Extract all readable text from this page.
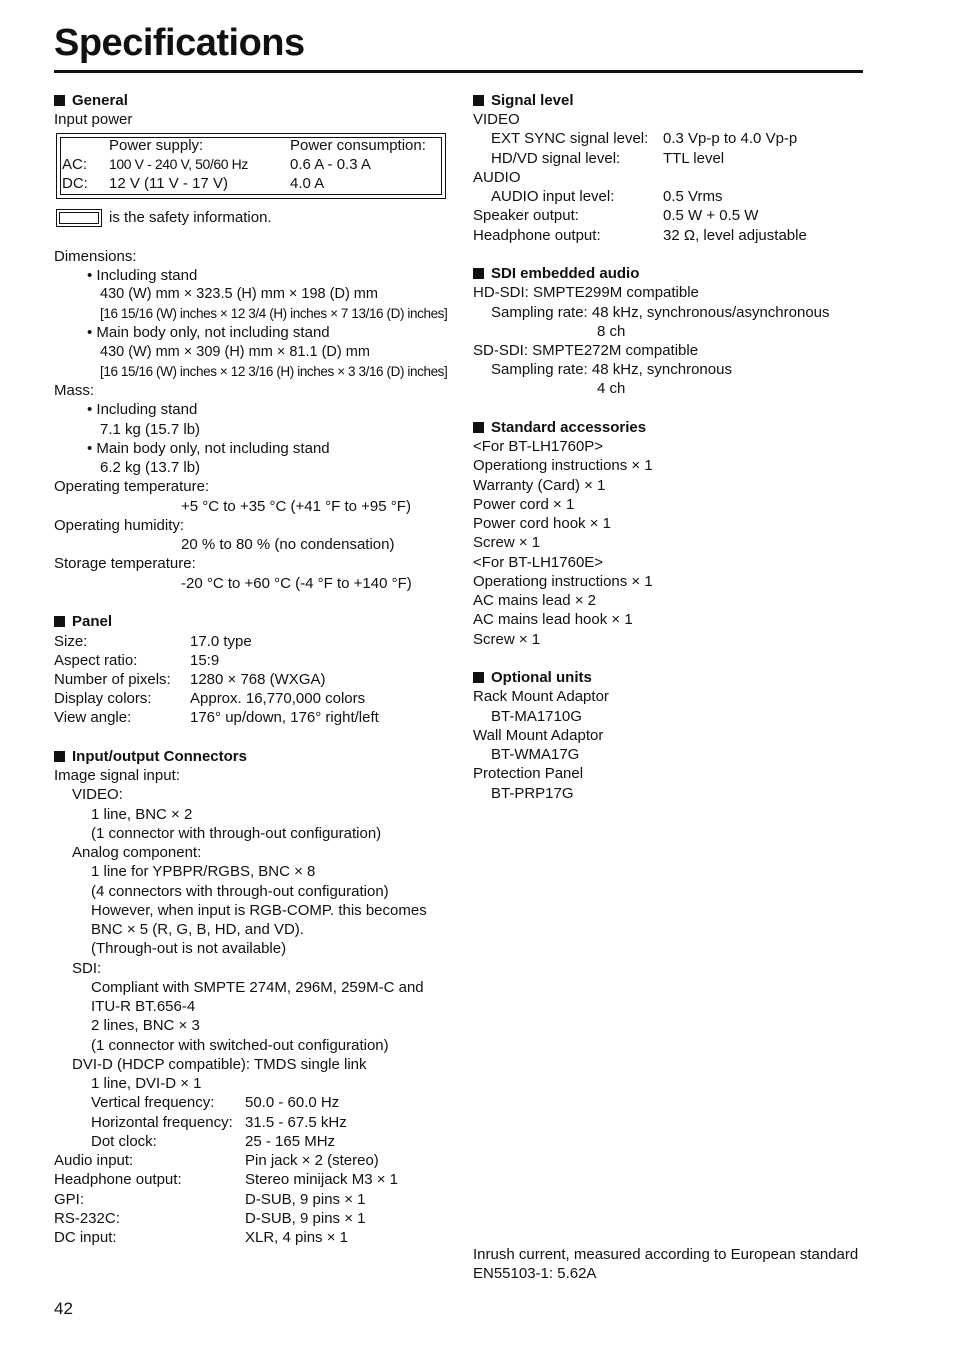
Specifications
General
Input power
Power supply:	Power consumption:
AC: 100 V - 240 V, 50/60 Hz	0.6 A - 0.3 A
DC: 12 V (11 V - 17 V)	4.0 A
is the safety information.
Dimensions:
• Including stand
430 (W) mm × 323.5 (H) mm × 198 (D) mm
[16 15/16 (W) inches × 12 3/4 (H) inches × 7 13/16 (D) inches]
• Main body only, not including stand
430 (W) mm × 309 (H) mm × 81.1 (D) mm
[16 15/16 (W) inches × 12 3/16 (H) inches × 3 3/16 (D) inches]
Mass:
• Including stand
7.1 kg (15.7 lb)
• Main body only, not including stand
6.2 kg (13.7 lb)
Operating temperature:
+5 °C to +35 °C (+41 °F to +95 °F)
Operating humidity:
20 % to 80 % (no condensation)
Storage temperature:
-20 °C to +60 °C (-4 °F to +140 °F)
Panel
Size:	17.0 type
Aspect ratio:	15:9
Number of pixels: 1280 × 768 (WXGA)
Display colors:	Approx. 16,770,000 colors
View angle:	176° up/down, 176° right/left
Input/output Connectors
Image signal input:
VIDEO:
1 line, BNC × 2
(1 connector with through-out configuration)
Analog component:
1 line for YPBPR/RGBS, BNC × 8
(4 connectors with through-out configuration)
However, when input is RGB-COMP. this becomes
BNC × 5 (R, G, B, HD, and VD).
(Through-out is not available)
SDI:
Compliant with SMPTE 274M, 296M, 259M-C and
ITU-R BT.656-4
2 lines, BNC × 3
(1 connector with switched-out configuration)
DVI-D (HDCP compatible): TMDS single link
1 line, DVI-D × 1
Vertical frequency: 50.0 - 60.0 Hz
Horizontal frequency: 31.5 - 67.5 kHz
Dot clock:	25 - 165 MHz
Audio input:	Pin jack × 2 (stereo)
Headphone output:	Stereo minijack M3 × 1
GPI:	D-SUB, 9 pins × 1
RS-232C:	D-SUB, 9 pins × 1
DC input:	XLR, 4 pins × 1
Signal level
VIDEO
EXT SYNC signal level: 0.3 Vp-p to 4.0 Vp-p
HD/VD signal level:	TTL level
AUDIO
AUDIO input level:	0.5 Vrms
Speaker output:	0.5 W + 0.5 W
Headphone output:	32 Ω, level adjustable
SDI embedded audio
HD-SDI: SMPTE299M compatible
Sampling rate: 48 kHz, synchronous/asynchronous
8 ch
SD-SDI: SMPTE272M compatible
Sampling rate: 48 kHz, synchronous
4 ch
Standard accessories
<For BT-LH1760P>
Operationg instructions × 1
Warranty (Card) × 1
Power cord × 1
Power cord hook × 1
Screw × 1
<For BT-LH1760E>
Operationg instructions × 1
AC mains lead × 2
AC mains lead hook × 1
Screw × 1
Optional units
Rack Mount Adaptor
BT-MA1710G
Wall Mount Adaptor
BT-WMA17G
Protection Panel
BT-PRP17G
Inrush current, measured according to European standard
EN55103-1: 5.62A
42
